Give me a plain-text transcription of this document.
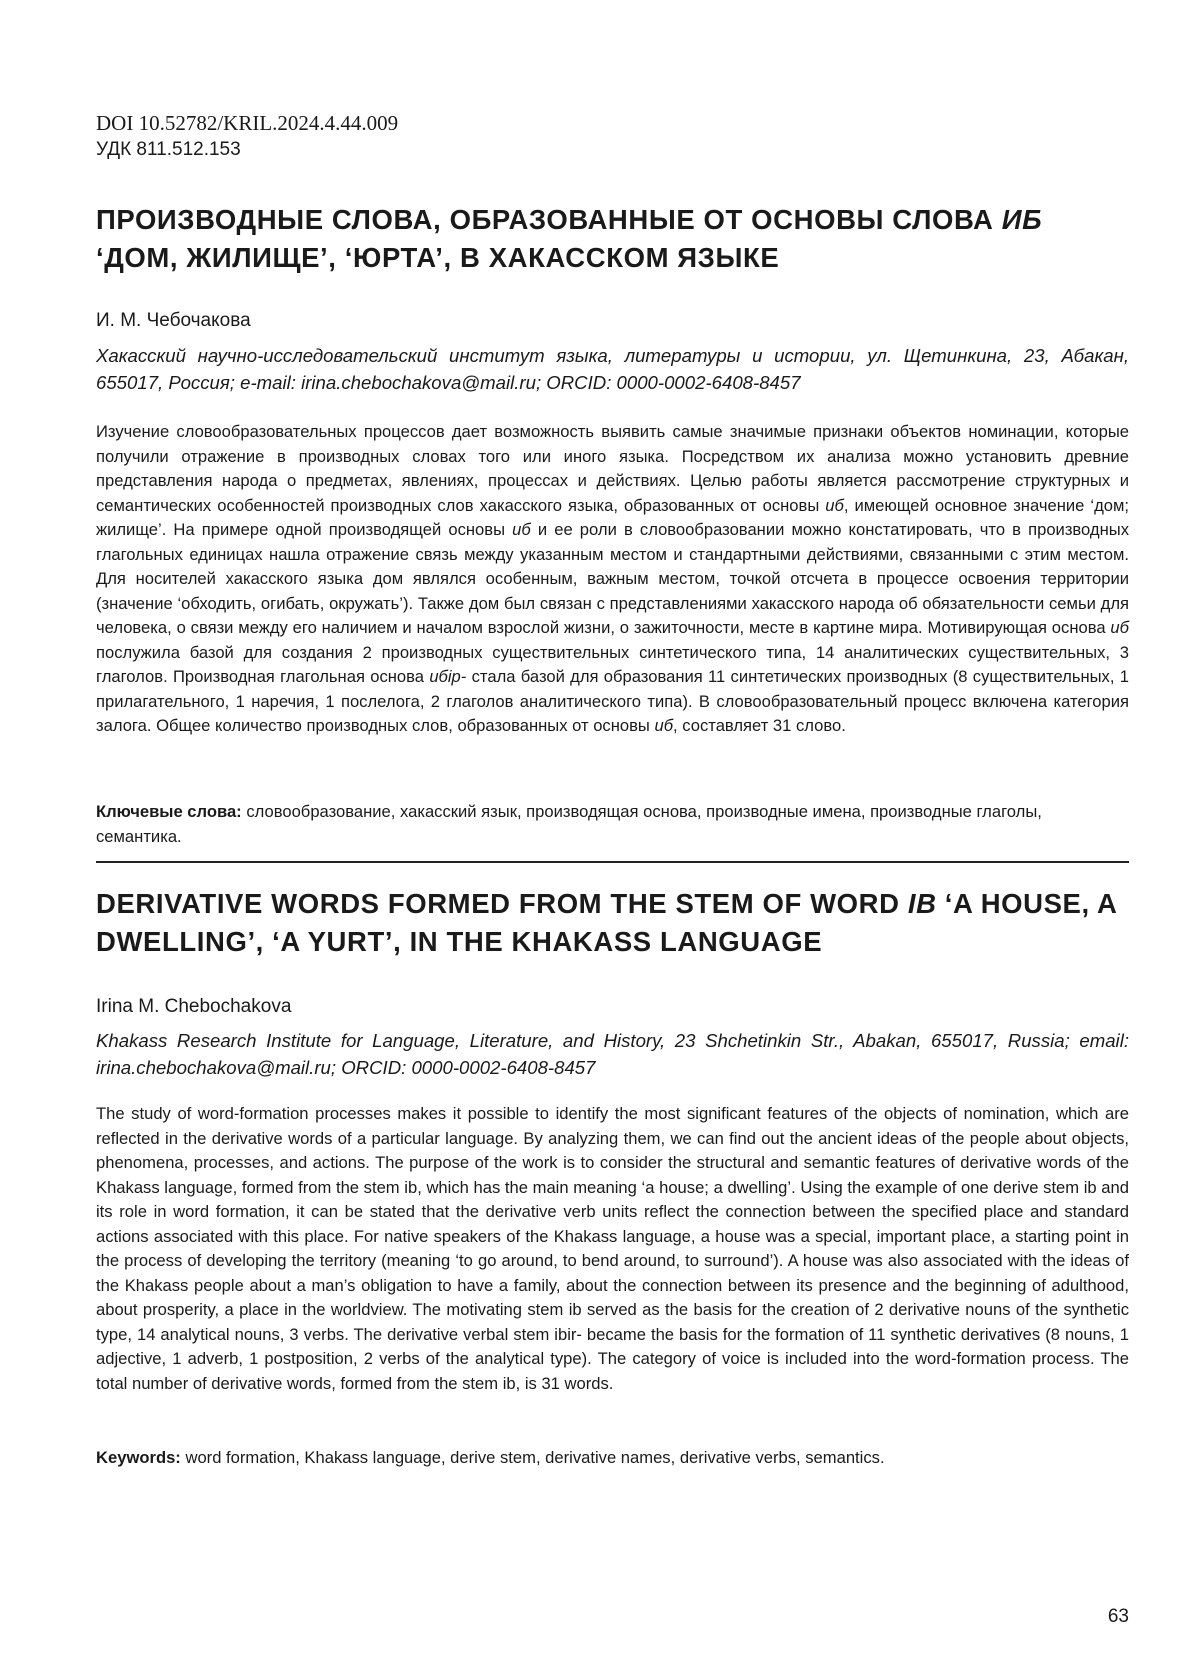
DOI 10.52782/KRIL.2024.4.44.009
УДК 811.512.153
ПРОИЗВОДНЫЕ СЛОВА, ОБРАЗОВАННЫЕ ОТ ОСНОВЫ СЛОВА ИБ ‘ДОМ, ЖИЛИЩЕ’, ‘ЮРТА’, В ХАКАССКОМ ЯЗЫКЕ
И. М. Чебочакова

Хакасский научно-исследовательский институт языка, литературы и истории, ул. Щетинкина, 23, Абакан, 655017, Россия; e-mail: irina.chebochakova@mail.ru; ORCID: 0000-0002-6408-8457

Изучение словообразовательных процессов дает возможность выявить самые значимые признаки объектов номинации, которые получили отражение в производных словах того или иного языка. Посредством их анализа можно установить древние представления народа о предметах, явлениях, процессах и действиях. Целью работы является рассмотрение структурных и семантических особенностей производных слов хакасского языка, образованных от основы иб, имеющей основное значение ‘дом; жилище’. На примере одной производящей основы иб и ее роли в словообразовании можно констатировать, что в производных глагольных единицах нашла отражение связь между указанным местом и стандартными действиями, связанными с этим местом. Для носителей хакасского языка дом являлся особенным, важным местом, точкой отсчета в процессе освоения территории (значение ‘обходить, огибать, окружать’). Также дом был связан с представлениями хакасского народа об обязательности семьи для человека, о связи между его наличием и началом взрослой жизни, о зажиточности, месте в картине мира. Мотивирующая основа иб послужила базой для создания 2 производных существительных синтетического типа, 14 аналитических существительных, 3 глаголов. Производная глагольная основа ибір- стала базой для образования 11 синтетических производных (8 существительных, 1 прилагательного, 1 наречия, 1 послелога, 2 глаголов аналитического типа). В словообразовательный процесс включена категория залога. Общее количество производных слов, образованных от основы иб, составляет 31 слово.

Ключевые слова: словообразование, хакасский язык, производящая основа, производные имена, производные глаголы, семантика.

DERIVATIVE WORDS FORMED FROM THE STEM OF WORD IB ‘A HOUSE, A DWELLING’, ‘A YURT’, IN THE KHAKASS LANGUAGE
Irina M. Chebochakova

Khakass Research Institute for Language, Literature, and History, 23 Shchetinkin Str., Abakan, 655017, Russia; email: irina.chebochakova@mail.ru; ORCID: 0000-0002-6408-8457

The study of word-formation processes makes it possible to identify the most significant features of the objects of nomination, which are reflected in the derivative words of a particular language. By analyzing them, we can find out the ancient ideas of the people about objects, phenomena, processes, and actions. The purpose of the work is to consider the structural and semantic features of derivative words of the Khakass language, formed from the stem ib, which has the main meaning ‘a house; a dwelling’. Using the example of one derive stem ib and its role in word formation, it can be stated that the derivative verb units reflect the connection between the specified place and standard actions associated with this place. For native speakers of the Khakass language, a house was a special, important place, a starting point in the process of developing the territory (meaning ‘to go around, to bend around, to surround’). A house was also associated with the ideas of the Khakass people about a man’s obligation to have a family, about the connection between its presence and the beginning of adulthood, about prosperity, a place in the worldview. The motivating stem ib served as the basis for the creation of 2 derivative nouns of the synthetic type, 14 analytical nouns, 3 verbs. The derivative verbal stem ibir- became the basis for the formation of 11 synthetic derivatives (8 nouns, 1 adjective, 1 adverb, 1 postposition, 2 verbs of the analytical type). The category of voice is included into the word-formation process. The total number of derivative words, formed from the stem ib, is 31 words.

Keywords: word formation, Khakass language, derive stem, derivative names, derivative verbs, semantics.

63
